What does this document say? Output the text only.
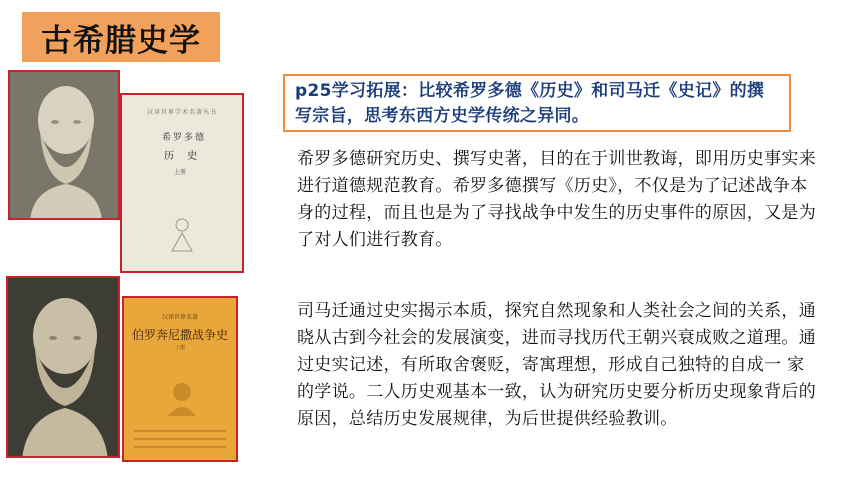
古希腊史学
汉译世界学术名著丛书
希罗多德
历 史
上册
汉译世界名著
伯罗奔尼撒战争史
上册
p25学习拓展：比较希罗多德《历史》和司马迁《史记》的撰写宗旨，思考东西方史学传统之异同。

希罗多德研究历史、撰写史著，目的在于训世教诲，即用历史事实来进行道德规范教育。希罗多德撰写《历史》，不仅是为了记述战争本身的过程，而且也是为了寻找战争中发生的历史事件的原因，又是为了对人们进行教育。

司马迁通过史实揭示本质，探究自然现象和人类社会之间的关系，通晓从古到今社会的发展演变，进而寻找历代王朝兴衰成败之道理。通过史实记述，有所取舍褒贬，寄寓理想，形成自己独特的自成一 家的学说。二人历史观基本一致，认为研究历史要分析历史现象背后的原因，总结历史发展规律，为后世提供经验教训。
